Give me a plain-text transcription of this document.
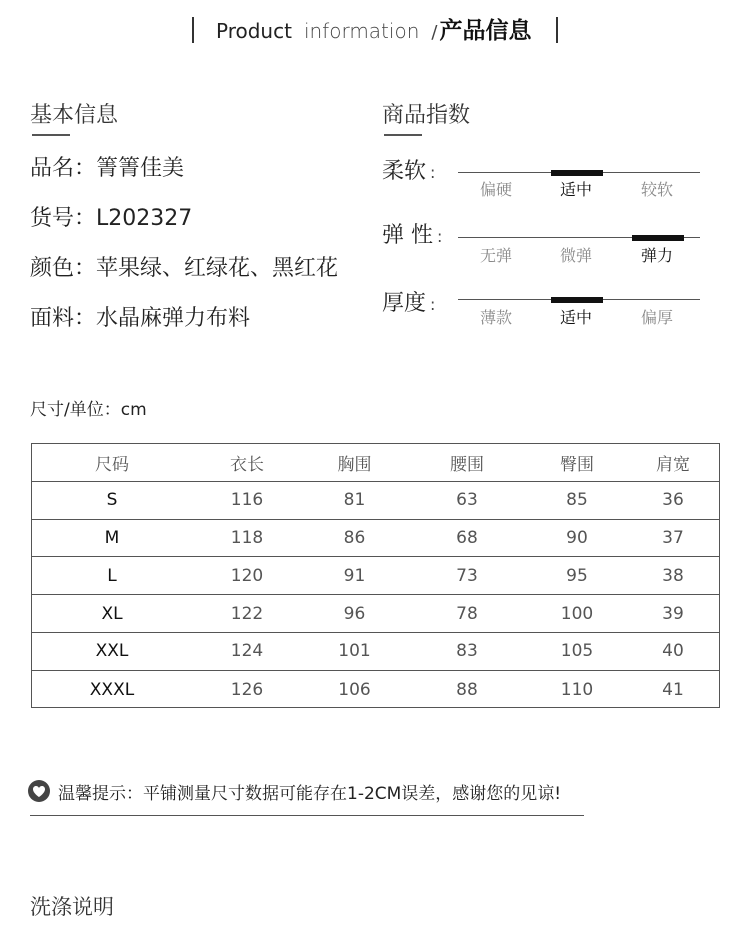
Product information /产品信息
基本信息
品名：箐箐佳美
货号：L202327
颜色：苹果绿、红绿花、黑红花
面料：水晶麻弹力布料
商品指数
柔软 :
偏硬	适中	较软
弹 性 :
无弹	微弹	弹力
厚度 :
薄款	适中	偏厚
尺寸/单位：cm
尺码	衣长	胸围	腰围	臀围	肩宽
S	116	81	63	85	36
M	118	86	68	90	37
L	120	91	73	95	38
XL	122	96	78	100	39
XXL	124	101	83	105	40
XXXL	126	106	88	110	41
温馨提示：平铺测量尺寸数据可能存在1-2CM误差，感谢您的见谅!
洗涤说明
